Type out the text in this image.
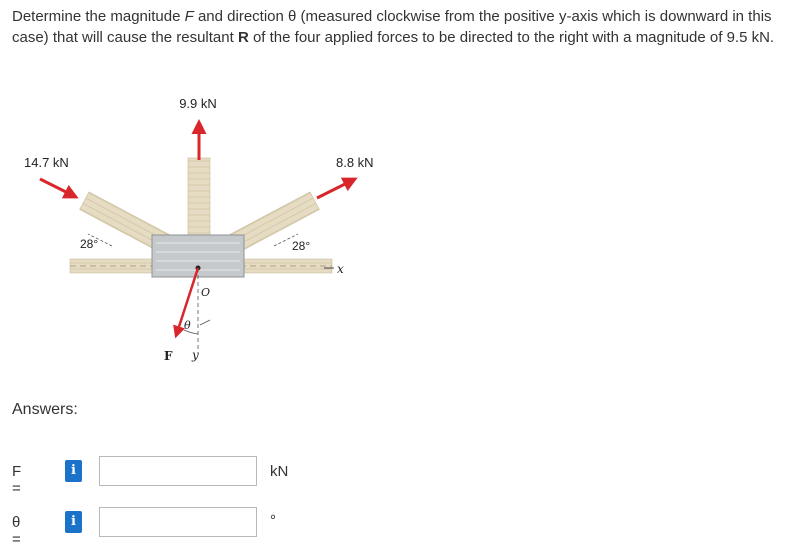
Determine the magnitude F and direction θ (measured clockwise from the positive y-axis which is downward in this case) that will cause the resultant R of the four applied forces to be directed to the right with a magnitude of 9.5 kN.
x
y
O
θ
F
9.9 kN
14.7 kN	8.8 kN
28°	28°
Answers:
F =
i	kN
θ =
i	°
